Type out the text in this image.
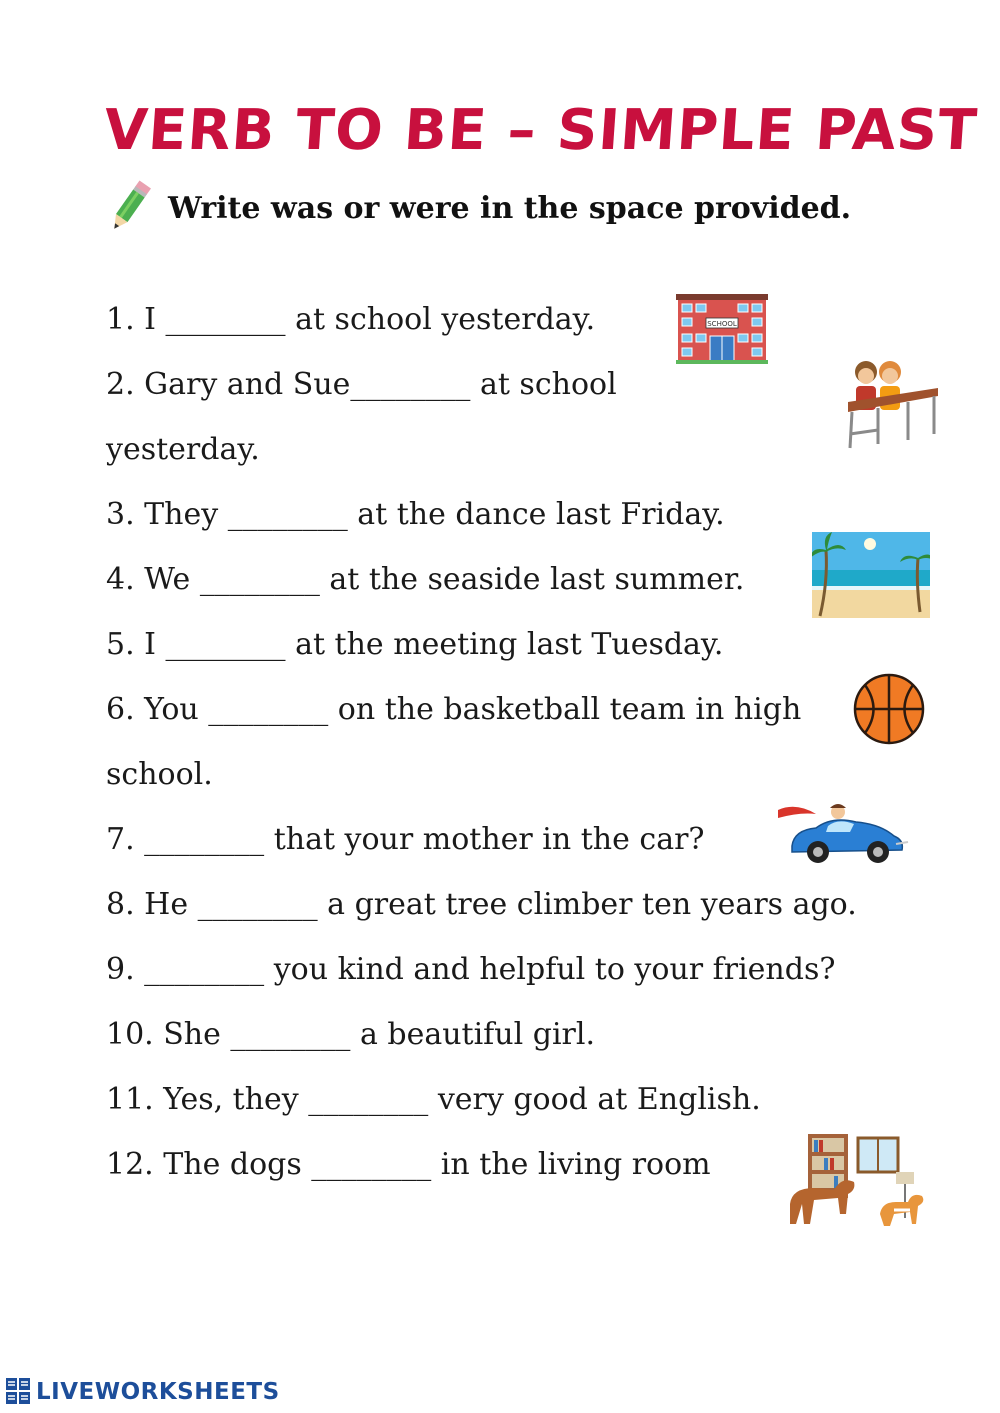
VERB TO BE – SIMPLE PAST
Write was or were in the space provided.
1. I ________ at school yesterday.
2. Gary and Sue________ at school
yesterday.
3. They ________ at the dance last Friday.
4. We ________ at the seaside last summer.
5. I ________ at the meeting last Tuesday.
6. You ________ on the basketball team in high
school.
7. ________ that your mother in the car?
8. He ________ a great tree climber ten years ago.
9. ________ you kind and helpful to your friends?
10. She ________ a beautiful girl.
11. Yes, they ________ very good at English.
12. The dogs ________ in the living room
SCHOOL
LIVEWORKSHEETS
